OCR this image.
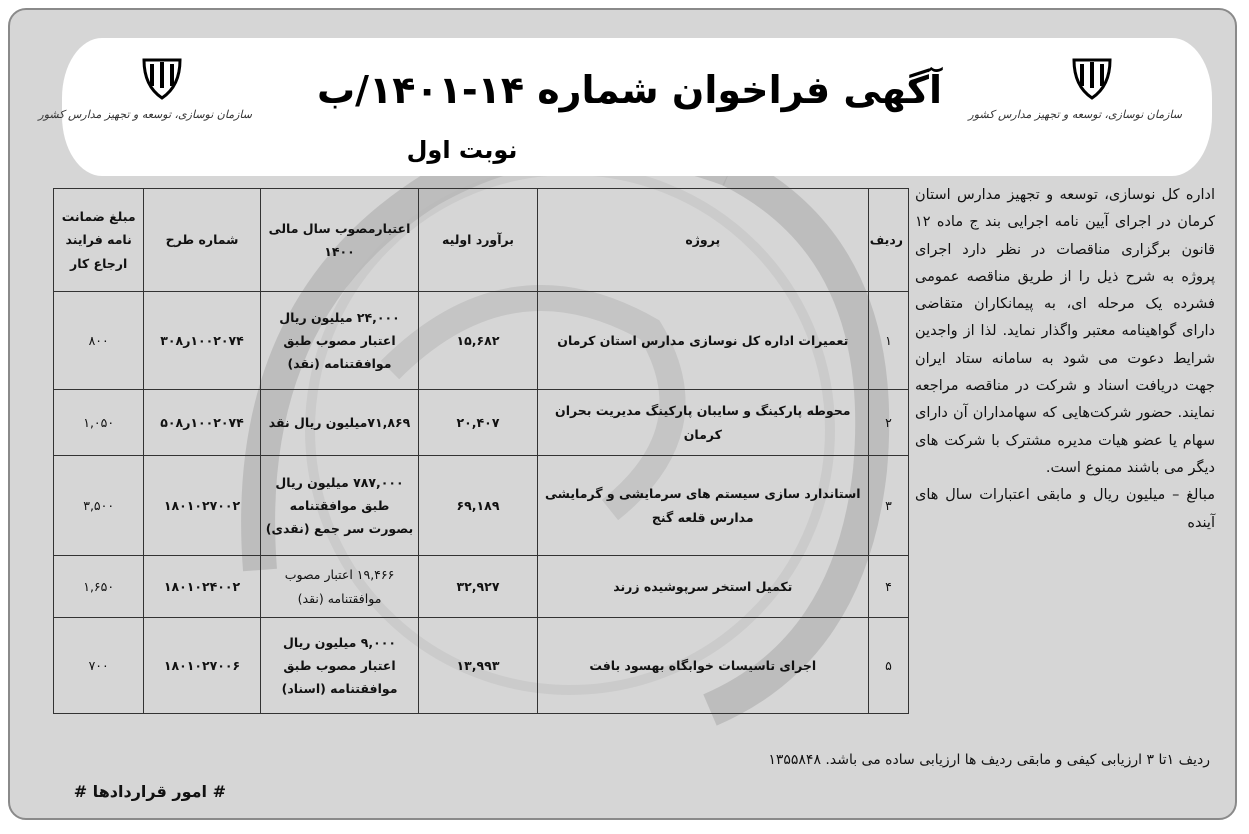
سازمان نوسازی، توسعه و تجهیز مدارس کشور	سازمان نوسازی، توسعه و تجهیز مدارس کشور
آگهی فراخوان شماره ۱۴-۱۴۰۱/ب
نوبت اول
ردیف	پروژه	برآورد اولیه	اعتبارمصوب سال مالی ۱۴۰۰	شماره طرح	مبلغ ضمانت نامه فرایند ارجاع کار
۱	تعمیرات اداره کل نوسازی مدارس استان کرمان	۱۵,۶۸۲	۲۴,۰۰۰ میلیون ریال اعتبار مصوب طبق موافقتنامه (نقد)	۱۰۰۲۰۷۴ر۳۰۸	۸۰۰
۲	محوطه پارکینگ و سایبان پارکینگ مدیریت بحران کرمان	۲۰,۴۰۷	۷۱,۸۶۹میلیون ریال نقد	۱۰۰۲۰۷۴ر۵۰۸	۱,۰۵۰
۳	استاندارد سازی سیستم های سرمایشی و گرمایشی مدارس قلعه گنج	۶۹,۱۸۹	۷۸۷,۰۰۰ میلیون ریال طبق موافقتنامه بصورت سر جمع (نقدی)	۱۸۰۱۰۲۷۰۰۲	۳,۵۰۰
۴	تکمیل استخر سرپوشیده زرند	۳۲,۹۲۷	۱۹,۴۶۶ اعتبار مصوب موافقتنامه (نقد)	۱۸۰۱۰۲۴۰۰۲	۱,۶۵۰
۵	اجرای تاسیسات خوابگاه بهسود بافت	۱۳,۹۹۳	۹,۰۰۰ میلیون ریال اعتبار مصوب طبق موافقتنامه (اسناد)	۱۸۰۱۰۲۷۰۰۶	۷۰۰

اداره کل نوسازی، توسعه و تجهیز مدارس استان کرمان در اجرای آیین نامه اجرایی بند ج ماده ۱۲ قانون برگزاری مناقصات در نظر دارد اجرای پروژه به شرح ذیل را از طریق مناقصه عمومی فشرده یک مرحله ای، به پیمانکاران متقاضی دارای گواهینامه معتبر واگذار نماید. لذا از واجدین شرایط دعوت می شود به سامانه ستاد ایران جهت دریافت اسناد و شرکت در مناقصه مراجعه نمایند. حضور شرکت‌هایی که سهامداران آن دارای سهام یا عضو هیات مدیره مشترک با شرکت های دیگر می باشند ممنوع است.

مبالغ – میلیون ریال و مابقی اعتبارات سال های آینده

ردیف ۱تا ۳ ارزیابی کیفی و مابقی ردیف ها ارزیابی ساده می باشد. ۱۳۵۵۸۴۸
# امور قراردادها #
